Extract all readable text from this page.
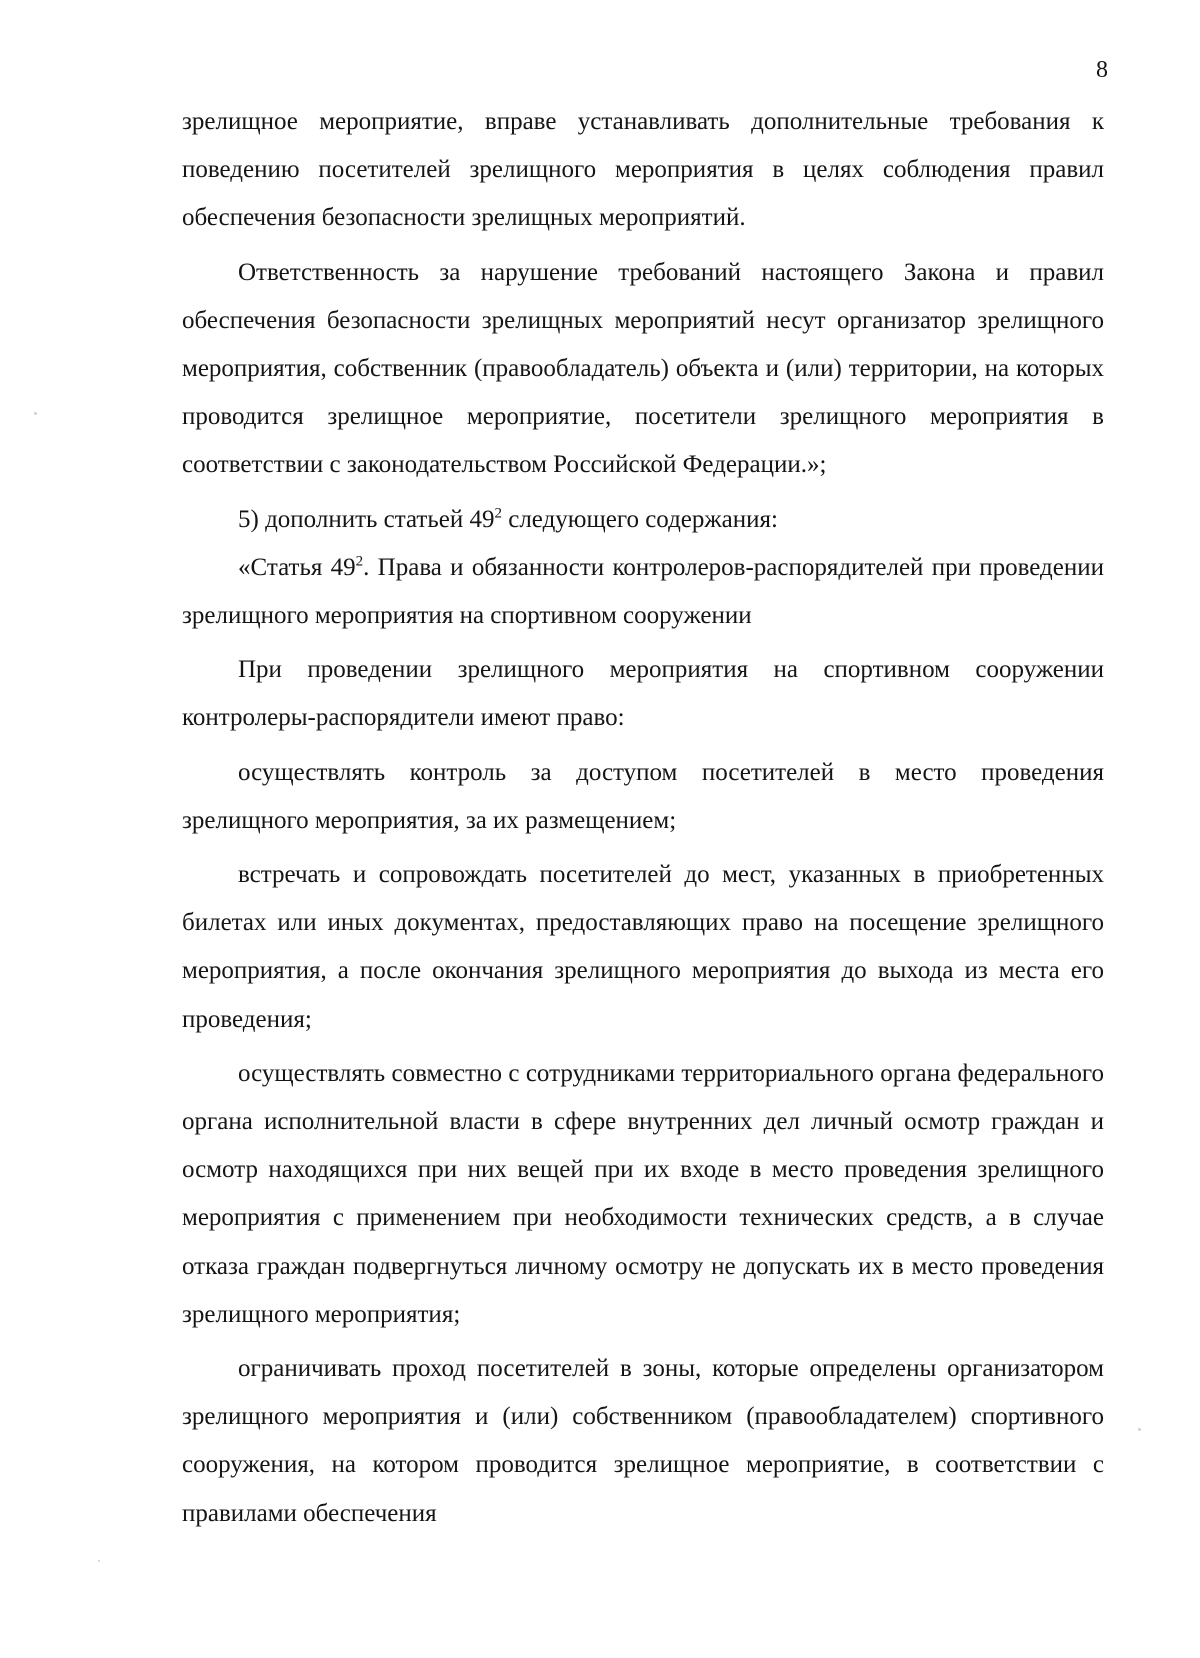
8

зрелищное мероприятие, вправе устанавливать дополнительные требования к поведению посетителей зрелищного мероприятия в целях соблюдения правил обеспечения безопасности зрелищных мероприятий.

Ответственность за нарушение требований настоящего Закона и правил обеспечения безопасности зрелищных мероприятий несут организатор зрелищного мероприятия, собственник (правообладатель) объекта и (или) территории, на которых проводится зрелищное мероприятие, посетители зрелищного мероприятия в соответствии с законодательством Российской Федерации.»;

5) дополнить статьей $49^2$ следующего содержания:

«Статья $49^2$. Права и обязанности контролеров-распорядителей при проведении зрелищного мероприятия на спортивном сооружении

При проведении зрелищного мероприятия на спортивном сооружении контролеры-распорядители имеют право:

осуществлять контроль за доступом посетителей в место проведения зрелищного мероприятия, за их размещением;

встречать и сопровождать посетителей до мест, указанных в приобретенных билетах или иных документах, предоставляющих право на посещение зрелищного мероприятия, а после окончания зрелищного мероприятия до выхода из места его проведения;

осуществлять совместно с сотрудниками территориального органа федерального органа исполнительной власти в сфере внутренних дел личный осмотр граждан и осмотр находящихся при них вещей при их входе в место проведения зрелищного мероприятия с применением при необходимости технических средств, а в случае отказа граждан подвергнуться личному осмотру не допускать их в место проведения зрелищного мероприятия;

ограничивать проход посетителей в зоны, которые определены организатором зрелищного мероприятия и (или) собственником (правообладателем) спортивного сооружения, на котором проводится зрелищное мероприятие, в соответствии с правилами обеспечения
